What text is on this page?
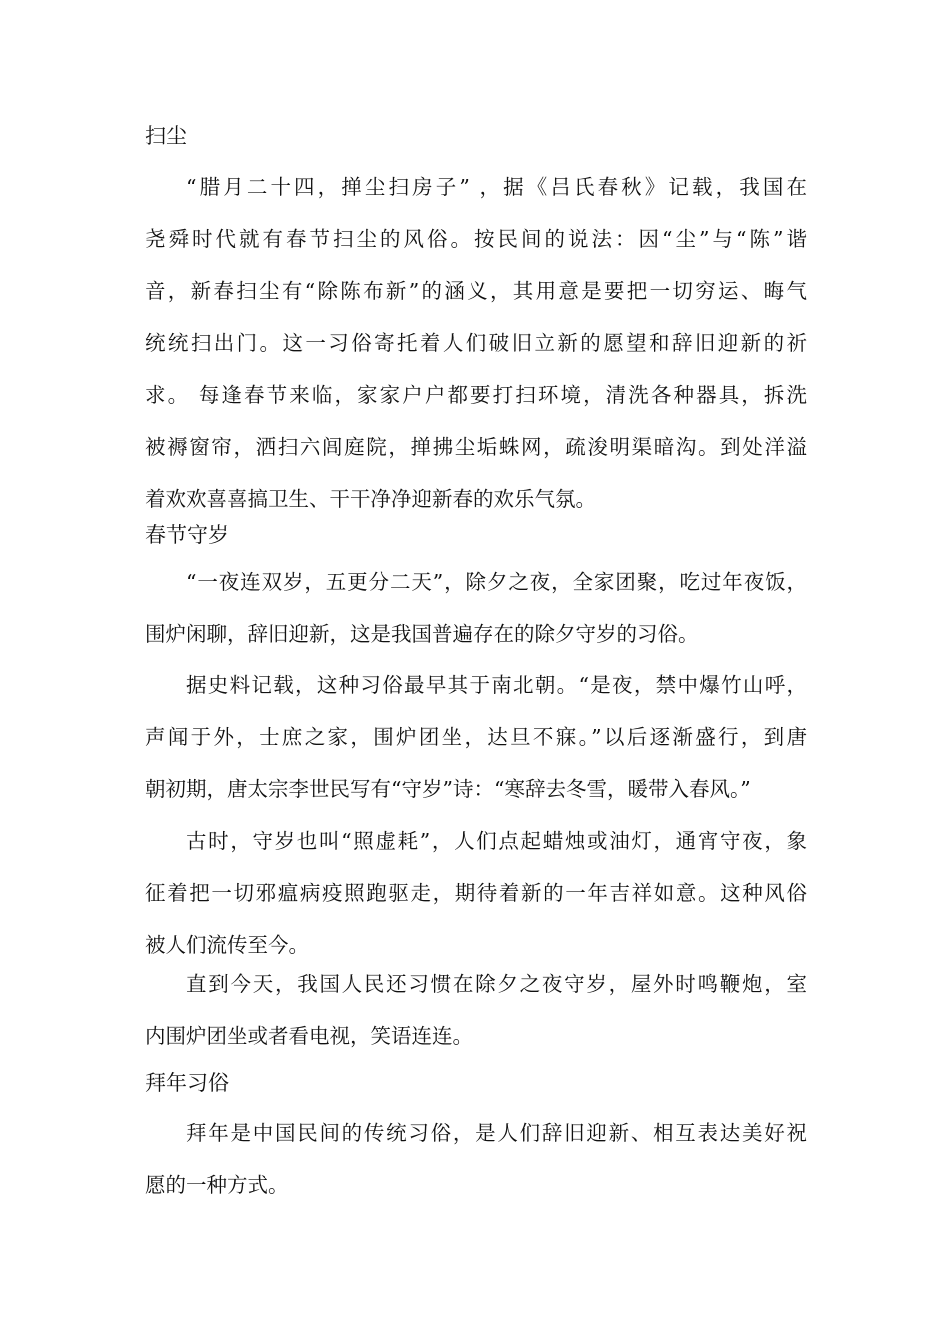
扫尘
“腊月二十四，掸尘扫房子” ，据《吕氏春秋》记载，我国在
尧舜时代就有春节扫尘的风俗。按民间的说法：因“尘”与“陈”谐
音，新春扫尘有“除陈布新”的涵义，其用意是要把一切穷运、晦气
统统扫出门。这一习俗寄托着人们破旧立新的愿望和辞旧迎新的祈
求。 每逢春节来临，家家户户都要打扫环境，清洗各种器具，拆洗
被褥窗帘，洒扫六闾庭院，掸拂尘垢蛛网，疏浚明渠暗沟。到处洋溢
着欢欢喜喜搞卫生、干干净净迎新春的欢乐气氛。
春节守岁
“一夜连双岁，五更分二天”，除夕之夜，全家团聚，吃过年夜饭，
围炉闲聊，辞旧迎新，这是我国普遍存在的除夕守岁的习俗。
据史料记载，这种习俗最早其于南北朝。“是夜，禁中爆竹山呼，
声闻于外，士庶之家，围炉团坐，达旦不寐。”以后逐渐盛行，到唐
朝初期，唐太宗李世民写有“守岁”诗：“寒辞去冬雪，暖带入春风。”
古时，守岁也叫“照虚耗”，人们点起蜡烛或油灯，通宵守夜，象
征着把一切邪瘟病疫照跑驱走，期待着新的一年吉祥如意。这种风俗
被人们流传至今。
直到今天，我国人民还习惯在除夕之夜守岁，屋外时鸣鞭炮，室
内围炉团坐或者看电视，笑语连连。
拜年习俗
拜年是中国民间的传统习俗，是人们辞旧迎新、相互表达美好祝
愿的一种方式。
